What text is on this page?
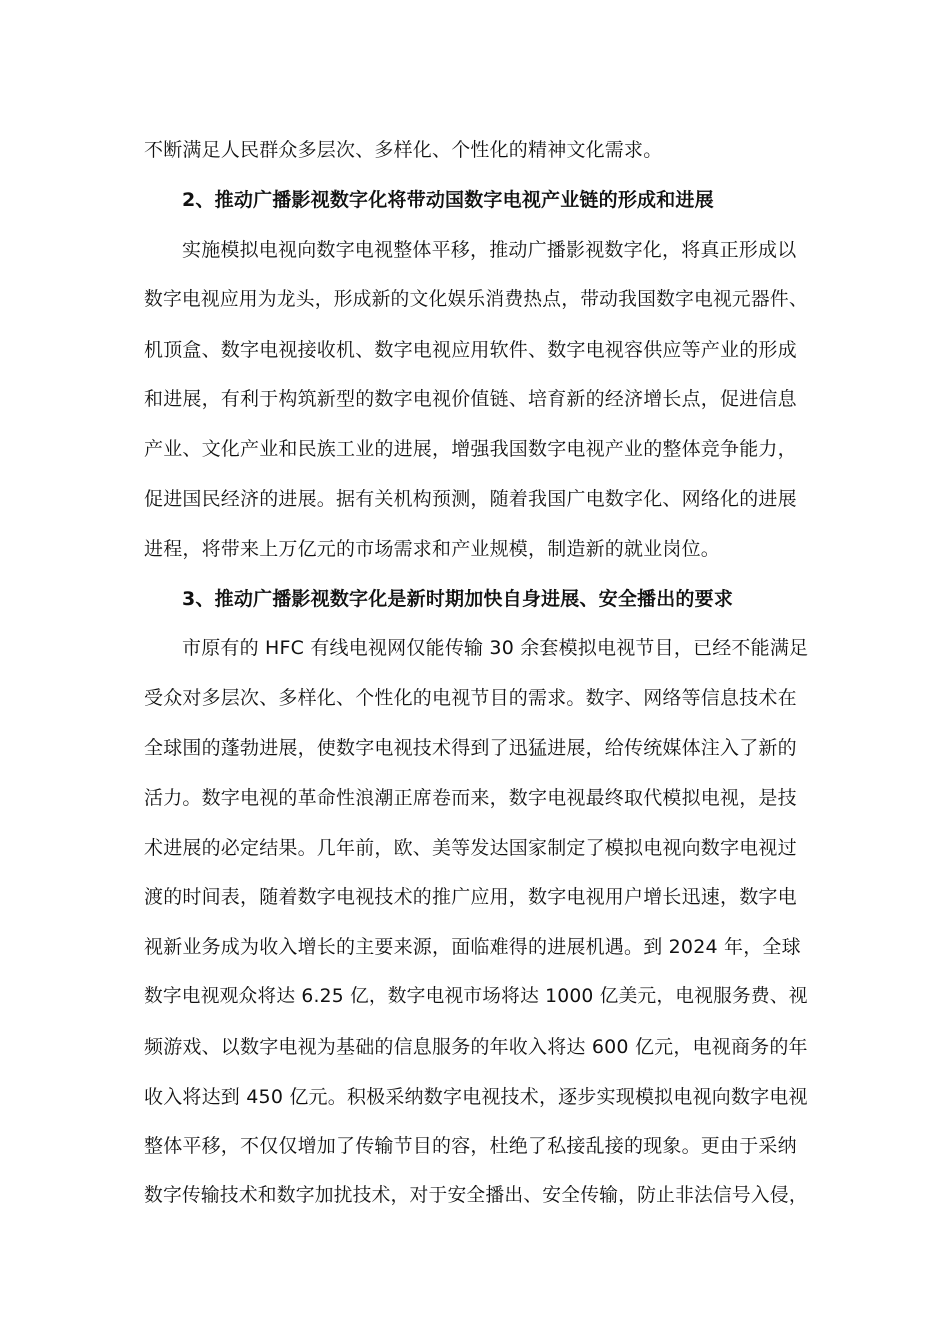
不断满足人民群众多层次、多样化、个性化的精神文化需求。
2、推动广播影视数字化将带动国数字电视产业链的形成和进展
实施模拟电视向数字电视整体平移，推动广播影视数字化，将真正形成以
数字电视应用为龙头，形成新的文化娱乐消费热点，带动我国数字电视元器件、
机顶盒、数字电视接收机、数字电视应用软件、数字电视容供应等产业的形成
和进展，有利于构筑新型的数字电视价值链、培育新的经济增长点，促进信息
产业、文化产业和民族工业的进展，增强我国数字电视产业的整体竞争能力，
促进国民经济的进展。据有关机构预测，随着我国广电数字化、网络化的进展
进程，将带来上万亿元的市场需求和产业规模，制造新的就业岗位。
3、推动广播影视数字化是新时期加快自身进展、安全播出的要求
市原有的 HFC 有线电视网仅能传输 30 余套模拟电视节目，已经不能满足
受众对多层次、多样化、个性化的电视节目的需求。数字、网络等信息技术在
全球围的蓬勃进展，使数字电视技术得到了迅猛进展，给传统媒体注入了新的
活力。数字电视的革命性浪潮正席卷而来，数字电视最终取代模拟电视，是技
术进展的必定结果。几年前，欧、美等发达国家制定了模拟电视向数字电视过
渡的时间表，随着数字电视技术的推广应用，数字电视用户增长迅速，数字电
视新业务成为收入增长的主要来源，面临难得的进展机遇。到 2024 年，全球
数字电视观众将达 6.25 亿，数字电视市场将达 1000 亿美元，电视服务费、视
频游戏、以数字电视为基础的信息服务的年收入将达 600 亿元，电视商务的年
收入将达到 450 亿元。积极采纳数字电视技术，逐步实现模拟电视向数字电视
整体平移，不仅仅增加了传输节目的容，杜绝了私接乱接的现象。更由于采纳
数字传输技术和数字加扰技术，对于安全播出、安全传输，防止非法信号入侵，
